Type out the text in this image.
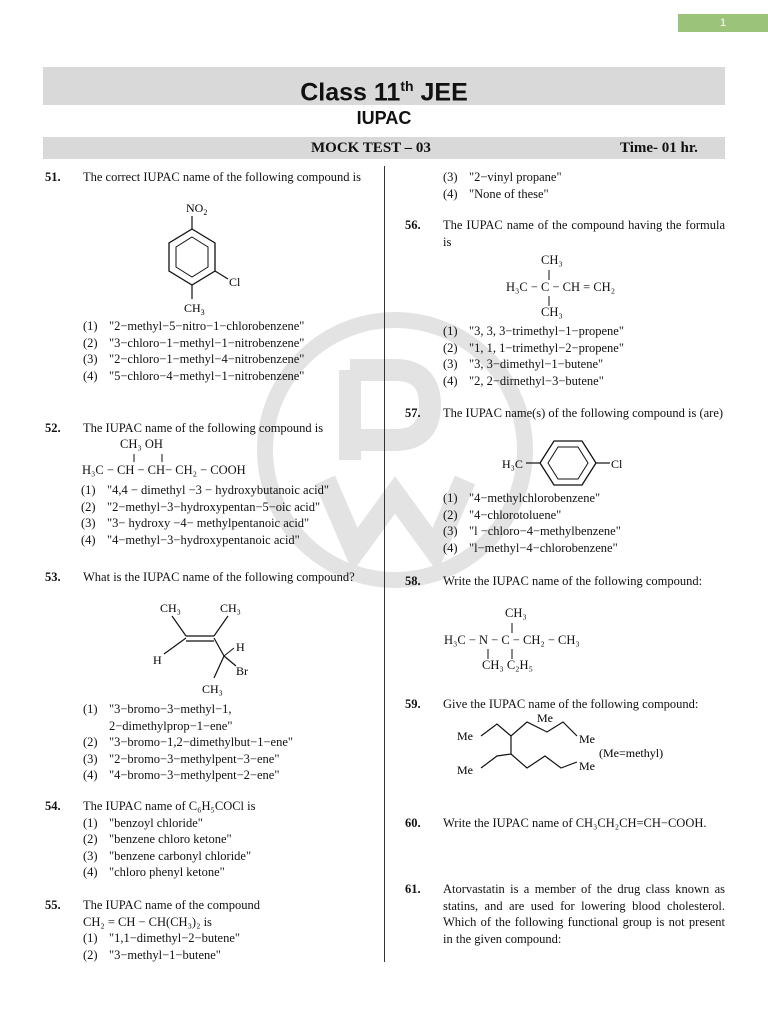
1
Class 11th JEE
IUPAC
MOCK TEST – 03	Time- 01 hr.
51. The correct IUPAC name of the following compound is
$NO_2$
Cl
$CH_3$
(1) "2−methyl−5−nitro−1−chlorobenzene"
(2) "3−chloro−1−methyl−1−nitrobenzene"
(3) "2−chloro−1−methyl−4−nitrobenzene"
(4) "5−chloro−4−methyl−1−nitrobenzene"
52. The IUPAC name of the following compound is
CH₃ OH
H₃C − CH − CH− CH₂ − COOH
(1) "4,4 − dimethyl −3 − hydroxybutanoic acid"
(2) "2−methyl−3−hydroxypentan−5−oic acid"
(3) "3− hydroxy −4− methylpentanoic acid"
(4) "4−methyl−3−hydroxypentanoic acid"
53. What is the IUPAC name of the following compound?
CH₃	CH₃
H
H
Br
CH₃
(1) "3−bromo−3−methyl−1,
2−dimethylprop−1−ene"
(2) "3−bromo−1,2−dimethylbut−1−ene"
(3) "2−bromo−3−methylpent−3−ene"
(4) "4−bromo−3−methylpent−2−ene"
54. The IUPAC name of C₆H₅COCl is
(1) "benzoyl chloride"
(2) "benzene chloro ketone"
(3) "benzene carbonyl chloride"
(4) "chloro phenyl ketone"
55. The IUPAC name of the compound
CH₂ = CH − CH(CH₃)₂ is
(1) "1,1−dimethyl−2−butene"
(2) "3−methyl−1−butene"
(3) "2−vinyl propane"
(4) "None of these"
56. The IUPAC name of the compound having the formula is
CH₃
H₃C − C − CH = CH₂
CH₃
(1) "3, 3, 3−trimethyl−1−propene"
(2) "1, 1, 1−trimethyl−2−propene"
(3) "3, 3−dimethyl−1−butene"
(4) "2, 2−dirnethyl−3−butene"
57. The IUPAC name(s) of the following compound is (are)
H₃C	Cl
(1) "4−methylchlorobenzene"
(2) "4−chlorotoluene"
(3) "l −chloro−4−methylbenzene"
(4) "l−methyl−4−chlorobenzene"
58. Write the IUPAC name of the following compound:
CH₃
H₃C − N − C − CH₂ − CH₃
CH₃ C₂H₅
59. Give the IUPAC name of the following compound:
Me
Me
Me
Me
Me
(Me=methyl)
60. Write the IUPAC name of CH₃CH₂CH=CH−COOH.
61. Atorvastatin is a member of the drug class known as statins, and are used for lowering blood cholesterol. Which of the following functional group is not present in the given compound:
